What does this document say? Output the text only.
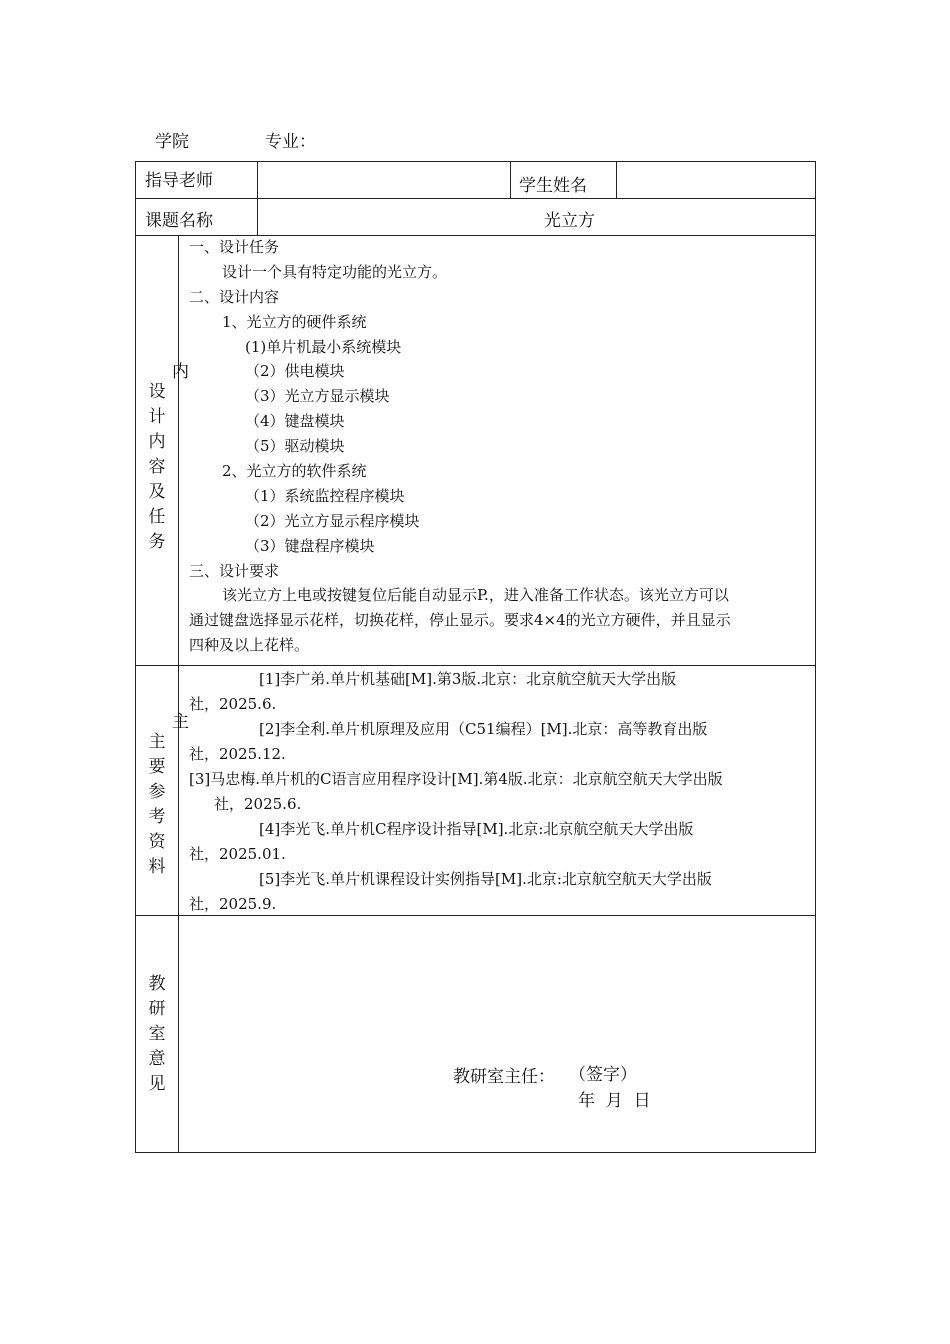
学院	专业：
指导老师	学生姓名
课题名称	光立方
内
设
计
内
容
及
任
务
一、设计任务
设计一个具有特定功能的光立方。
二、设计内容
1、光立方的硬件系统
(1)单片机最小系统模块
（2）供电模块
（3）光立方显示模块
（4）键盘模块
（5）驱动模块
2、光立方的软件系统
（1）系统监控程序模块
（2）光立方显示程序模块
（3）键盘程序模块
三、设计要求
该光立方上电或按键复位后能自动显示P.，进入准备工作状态。该光立方可以
通过键盘选择显示花样，切换花样，停止显示。要求4×4的光立方硬件，并且显示
四种及以上花样。
主
主
要
参
考
资
料
[1]李广弟.单片机基础[M].第3版.北京：北京航空航天大学出版
社，2025.6.
[2]李全利.单片机原理及应用（C51编程）[M].北京：高等教育出版
社，2025.12.
[3]马忠梅.单片机的C语言应用程序设计[M].第4版.北京：北京航空航天大学出版
社，2025.6.
[4]李光飞.单片机C程序设计指导[M].北京:北京航空航天大学出版
社，2025.01.
[5]李光飞.单片机课程设计实例指导[M].北京:北京航空航天大学出版
社，2025.9.
教
研
室
意
见	教研室主任： （签字）
年  月  日
